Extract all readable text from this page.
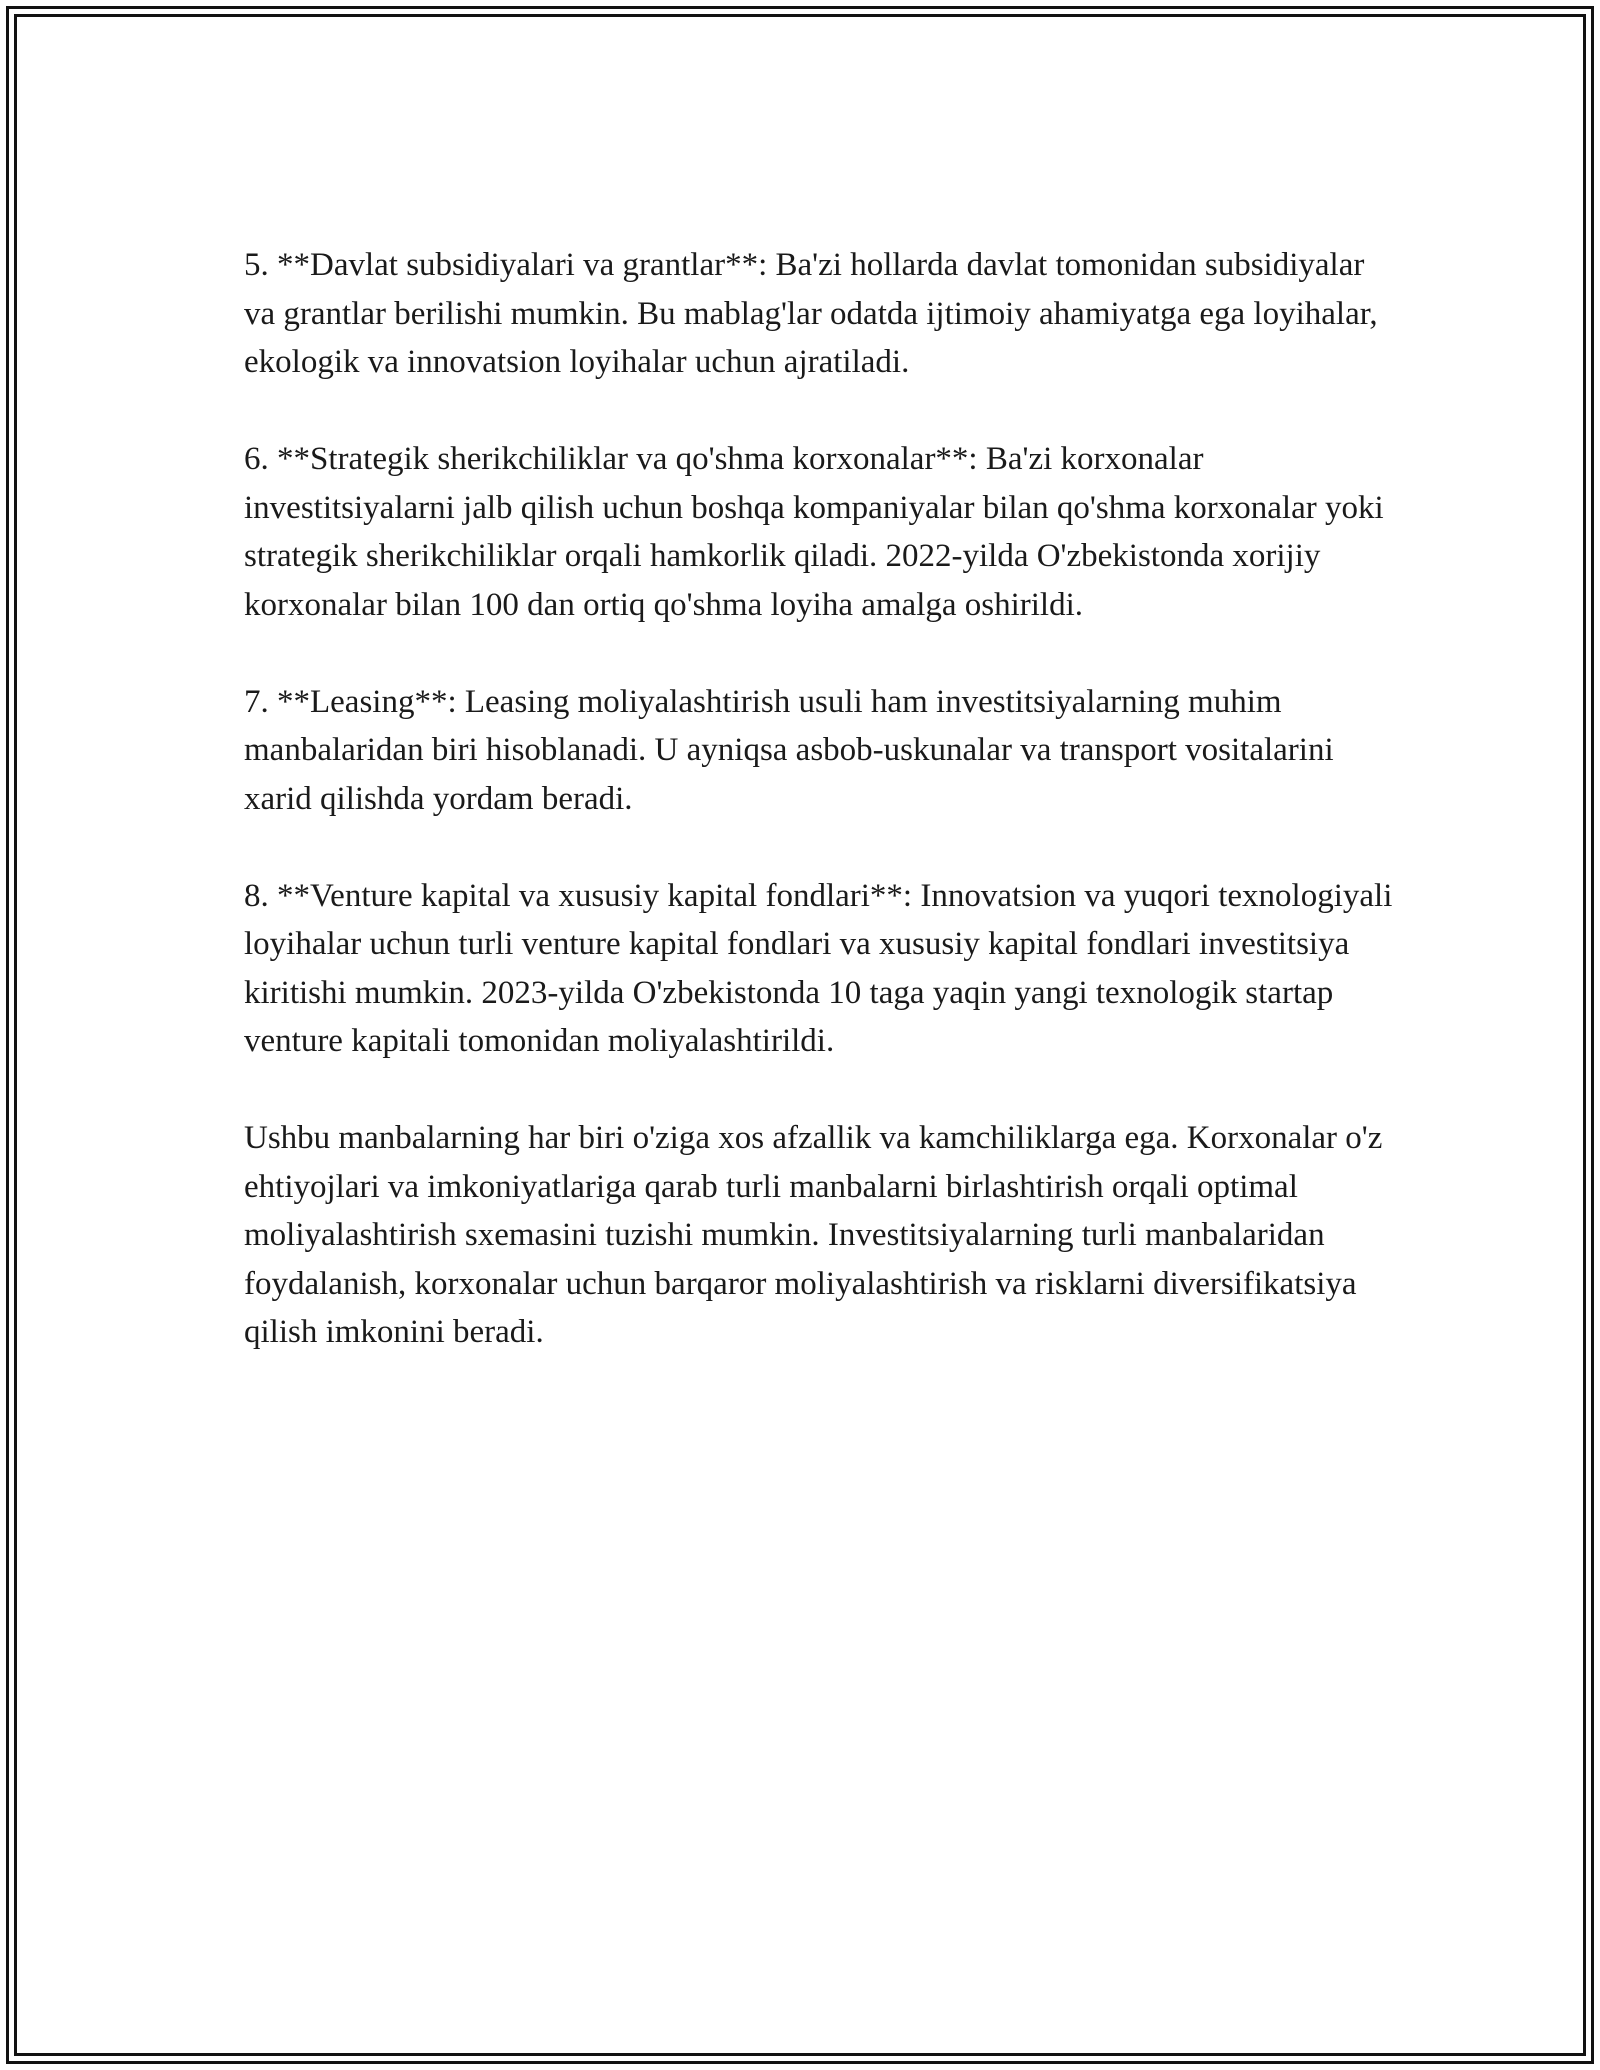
5. **Davlat subsidiyalari va grantlar**: Ba'zi hollarda davlat tomonidan subsidiyalar va grantlar berilishi mumkin. Bu mablag'lar odatda ijtimoiy ahamiyatga ega loyihalar, ekologik va innovatsion loyihalar uchun ajratiladi.

6. **Strategik sherikchiliklar va qo'shma korxonalar**: Ba'zi korxonalar investitsiyalarni jalb qilish uchun boshqa kompaniyalar bilan qo'shma korxonalar yoki strategik sherikchiliklar orqali hamkorlik qiladi. 2022-yilda O'zbekistonda xorijiy korxonalar bilan 100 dan ortiq qo'shma loyiha amalga oshirildi.

7. **Leasing**: Leasing moliyalashtirish usuli ham investitsiyalarning muhim manbalaridan biri hisoblanadi. U ayniqsa asbob-uskunalar va transport vositalarini xarid qilishda yordam beradi.

8. **Venture kapital va xususiy kapital fondlari**: Innovatsion va yuqori texnologiyali loyihalar uchun turli venture kapital fondlari va xususiy kapital fondlari investitsiya kiritishi mumkin. 2023-yilda O'zbekistonda 10 taga yaqin yangi texnologik startap venture kapitali tomonidan moliyalashtirildi.

Ushbu manbalarning har biri o'ziga xos afzallik va kamchiliklarga ega. Korxonalar o'z ehtiyojlari va imkoniyatlariga qarab turli manbalarni birlashtirish orqali optimal moliyalashtirish sxemasini tuzishi mumkin. Investitsiyalarning turli manbalaridan foydalanish, korxonalar uchun barqaror moliyalashtirish va risklarni diversifikatsiya qilish imkonini beradi.
